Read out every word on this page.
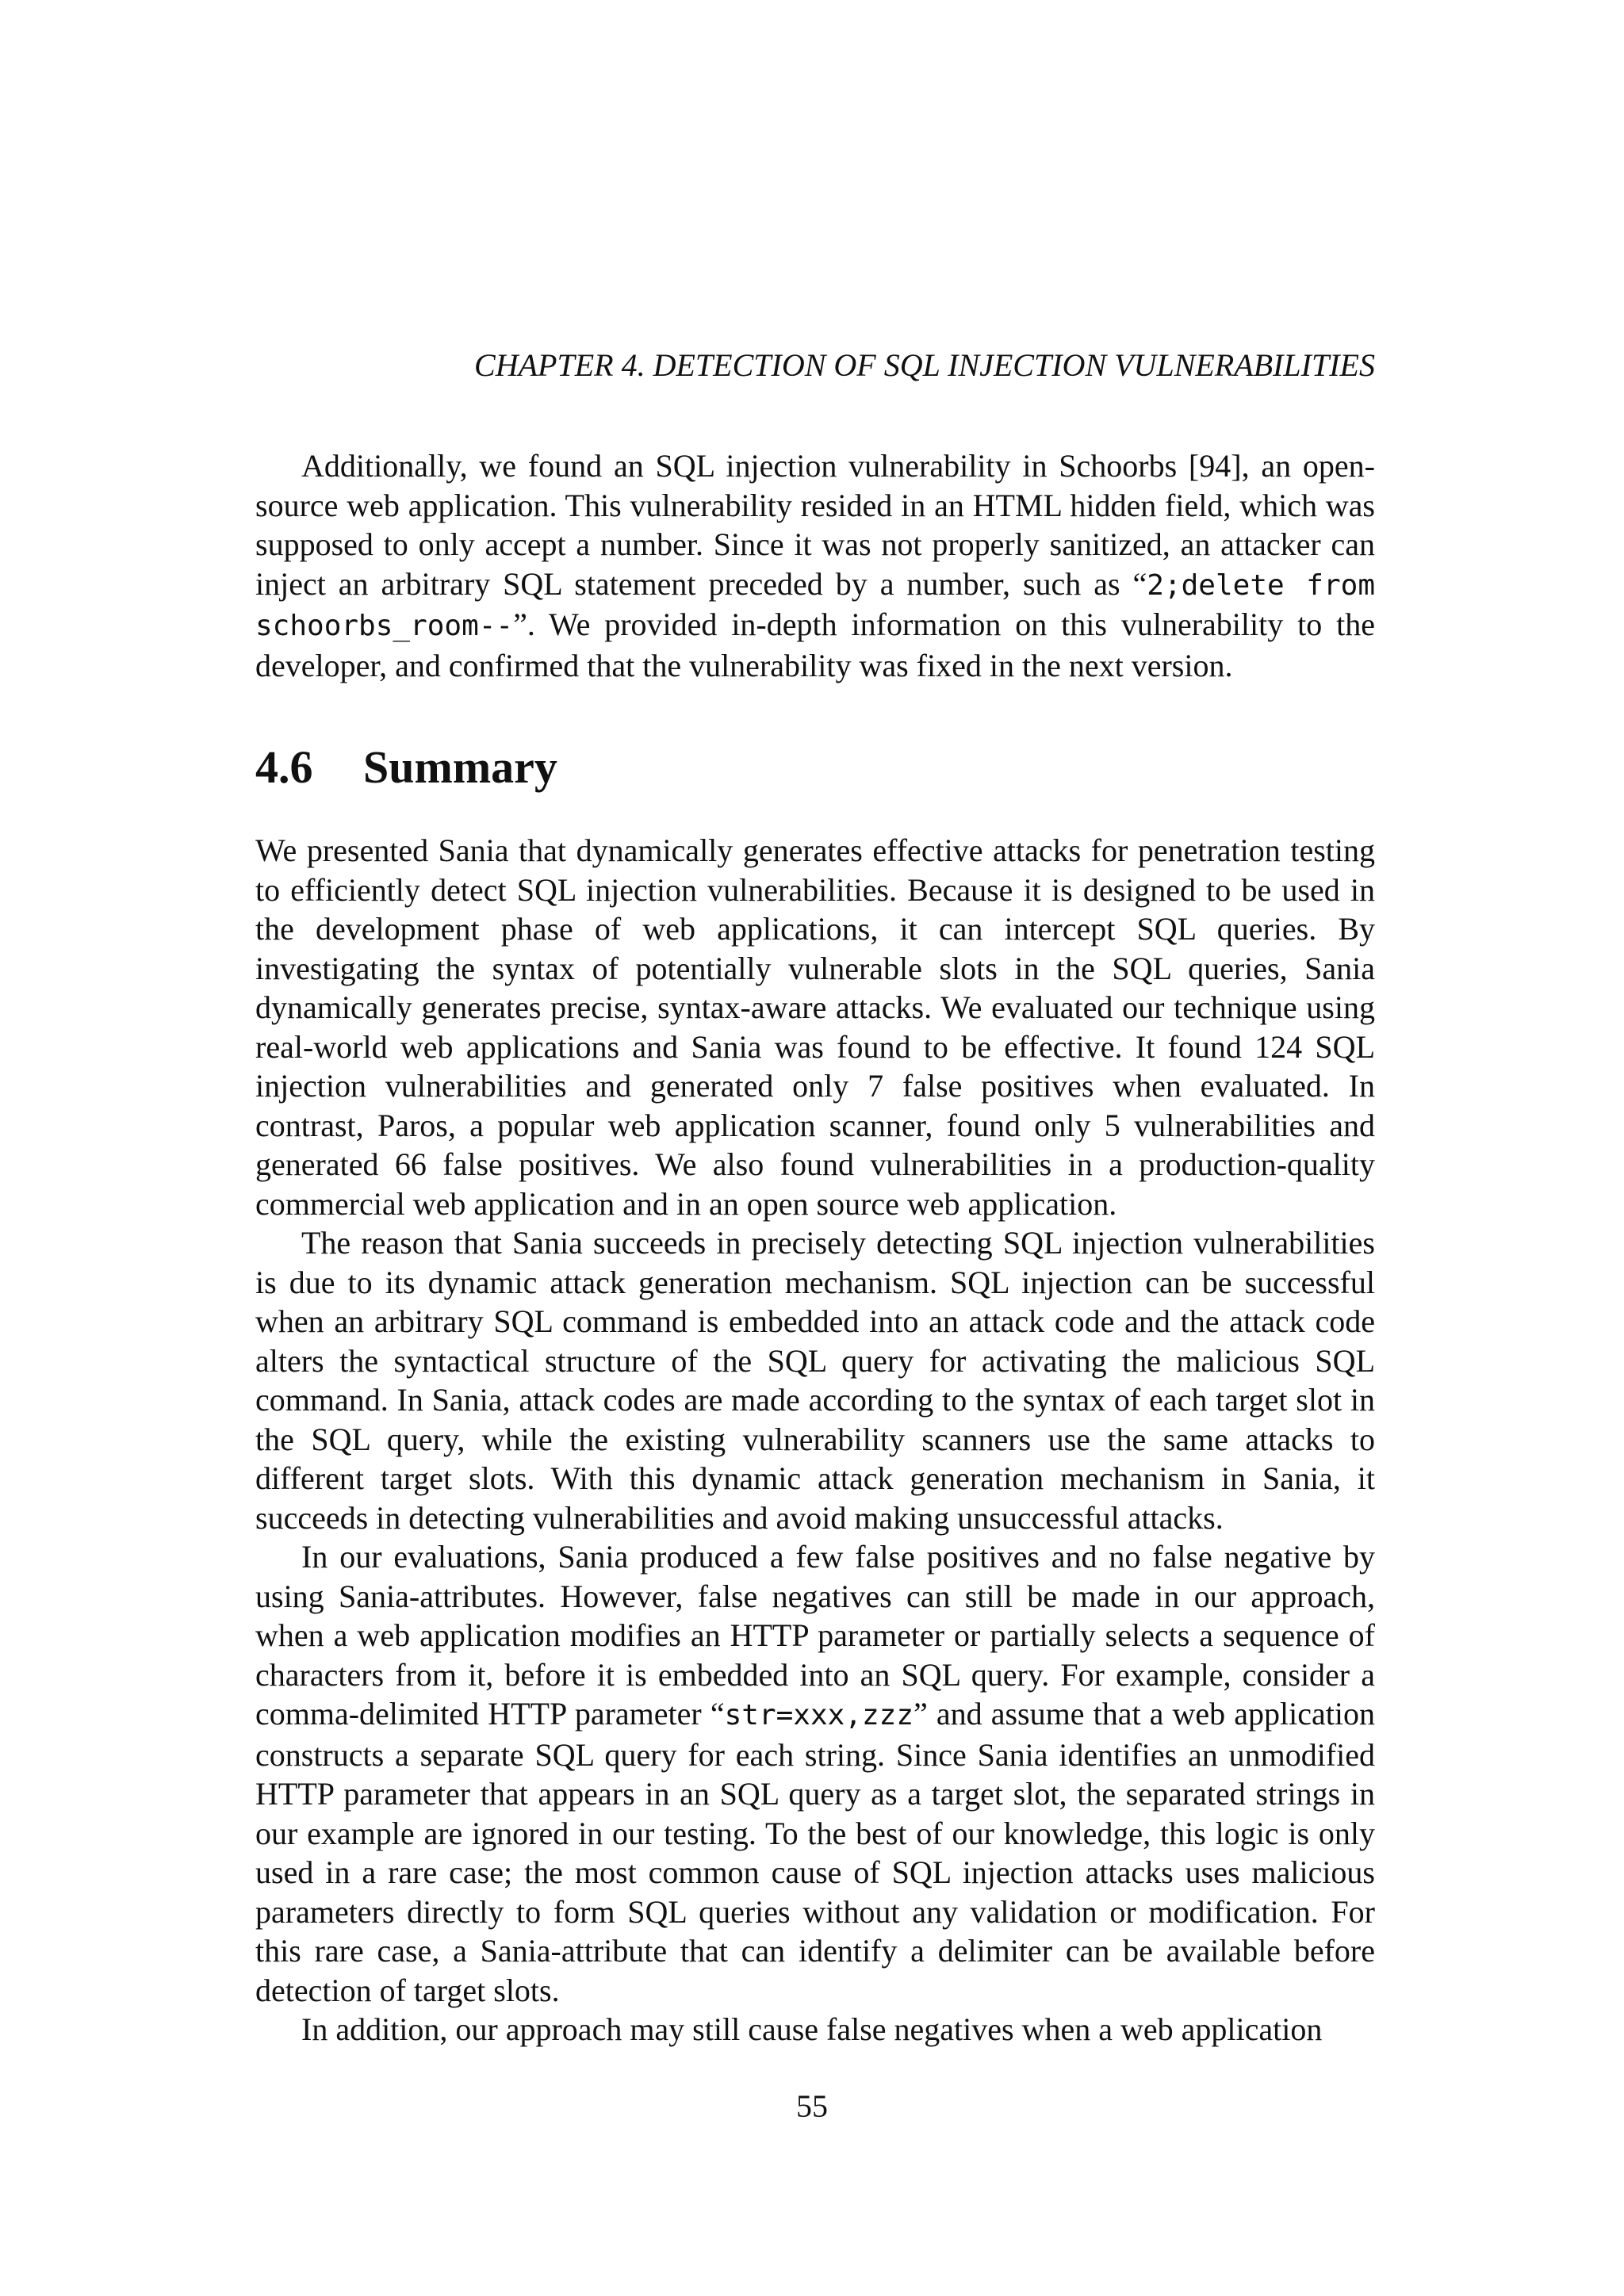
CHAPTER 4. DETECTION OF SQL INJECTION VULNERABILITIES

Additionally, we found an SQL injection vulnerability in Schoorbs [94], an open-source web application. This vulnerability resided in an HTML hidden field, which was supposed to only accept a number. Since it was not properly sanitized, an attacker can inject an arbitrary SQL statement preceded by a number, such as “2;delete from schoorbs_room--”. We provided in-depth information on this vulnerability to the developer, and confirmed that the vulnerability was fixed in the next version.

4.6 Summary

We presented Sania that dynamically generates effective attacks for penetration testing to efficiently detect SQL injection vulnerabilities. Because it is designed to be used in the development phase of web applications, it can intercept SQL queries. By investigating the syntax of potentially vulnerable slots in the SQL queries, Sania dynamically generates precise, syntax-aware attacks. We evaluated our technique using real-world web applications and Sania was found to be effective. It found 124 SQL injection vulnerabilities and generated only 7 false positives when evaluated. In contrast, Paros, a popular web application scanner, found only 5 vulnerabilities and generated 66 false positives. We also found vulnerabilities in a production-quality commercial web application and in an open source web application.

The reason that Sania succeeds in precisely detecting SQL injection vulnerabilities is due to its dynamic attack generation mechanism. SQL injection can be successful when an arbitrary SQL command is embedded into an attack code and the attack code alters the syntactical structure of the SQL query for activating the malicious SQL command. In Sania, attack codes are made according to the syntax of each target slot in the SQL query, while the existing vulnerability scanners use the same attacks to different target slots. With this dynamic attack generation mechanism in Sania, it succeeds in detecting vulnerabilities and avoid making unsuccessful attacks.

In our evaluations, Sania produced a few false positives and no false negative by using Sania-attributes. However, false negatives can still be made in our approach, when a web application modifies an HTTP parameter or partially selects a sequence of characters from it, before it is embedded into an SQL query. For example, consider a comma-delimited HTTP parameter “str=xxx,zzz” and assume that a web application constructs a separate SQL query for each string. Since Sania identifies an unmodified HTTP parameter that appears in an SQL query as a target slot, the separated strings in our example are ignored in our testing. To the best of our knowledge, this logic is only used in a rare case; the most common cause of SQL injection attacks uses malicious parameters directly to form SQL queries without any validation or modification. For this rare case, a Sania-attribute that can identify a delimiter can be available before detection of target slots.

In addition, our approach may still cause false negatives when a web application

55
